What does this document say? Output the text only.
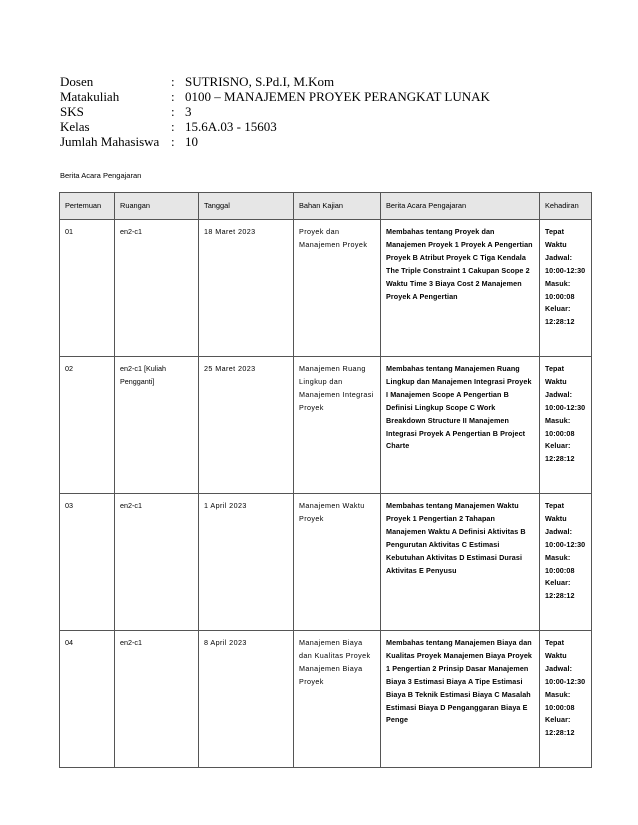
Dosen	: SUTRISNO, S.Pd.I, M.Kom
Matakuliah	: 0100 – MANAJEMEN PROYEK PERANGKAT LUNAK
SKS	: 3
Kelas	: 15.6A.03 - 15603
Jumlah Mahasiswa : 10
Berita Acara Pengajaran
Pertemuan	Ruangan	Tanggal	Bahan Kajian	Berita Acara Pengajaran	Kehadiran
01	en2-c1	18 Maret 2023	Proyek dan Manajemen Proyek	Membahas tentang Proyek dan Manajemen Proyek 1 Proyek A Pengertian Proyek B Atribut Proyek C Tiga Kendala The Triple Constraint 1 Cakupan Scope 2 Waktu Time 3 Biaya Cost 2 Manajemen Proyek A Pengertian	Tepat Waktu Jadwal: 10:00-12:30 Masuk: 10:00:08 Keluar: 12:28:12
02	en2-c1 [Kuliah Pengganti]	25 Maret 2023	Manajemen Ruang Lingkup dan Manajemen Integrasi Proyek	Membahas tentang Manajemen Ruang Lingkup dan Manajemen Integrasi Proyek I Manajemen Scope A Pengertian B Definisi Lingkup Scope C Work Breakdown Structure II Manajemen Integrasi Proyek A Pengertian B Project Charte	Tepat Waktu Jadwal: 10:00-12:30 Masuk: 10:00:08 Keluar: 12:28:12
03	en2-c1	1 April 2023	Manajemen Waktu Proyek	Membahas tentang Manajemen Waktu Proyek 1 Pengertian 2 Tahapan Manajemen Waktu A Definisi Aktivitas B Pengurutan Aktivitas C Estimasi Kebutuhan Aktivitas D Estimasi Durasi Aktivitas E Penyusu	Tepat Waktu Jadwal: 10:00-12:30 Masuk: 10:00:08 Keluar: 12:28:12
04	en2-c1	8 April 2023	Manajemen Biaya dan Kualitas Proyek Manajemen Biaya Proyek	Membahas tentang Manajemen Biaya dan Kualitas Proyek Manajemen Biaya Proyek 1 Pengertian 2 Prinsip Dasar Manajemen Biaya 3 Estimasi Biaya A Tipe Estimasi Biaya B Teknik Estimasi Biaya C Masalah Estimasi Biaya D Penganggaran Biaya E Penge	Tepat Waktu Jadwal: 10:00-12:30 Masuk: 10:00:08 Keluar: 12:28:12
